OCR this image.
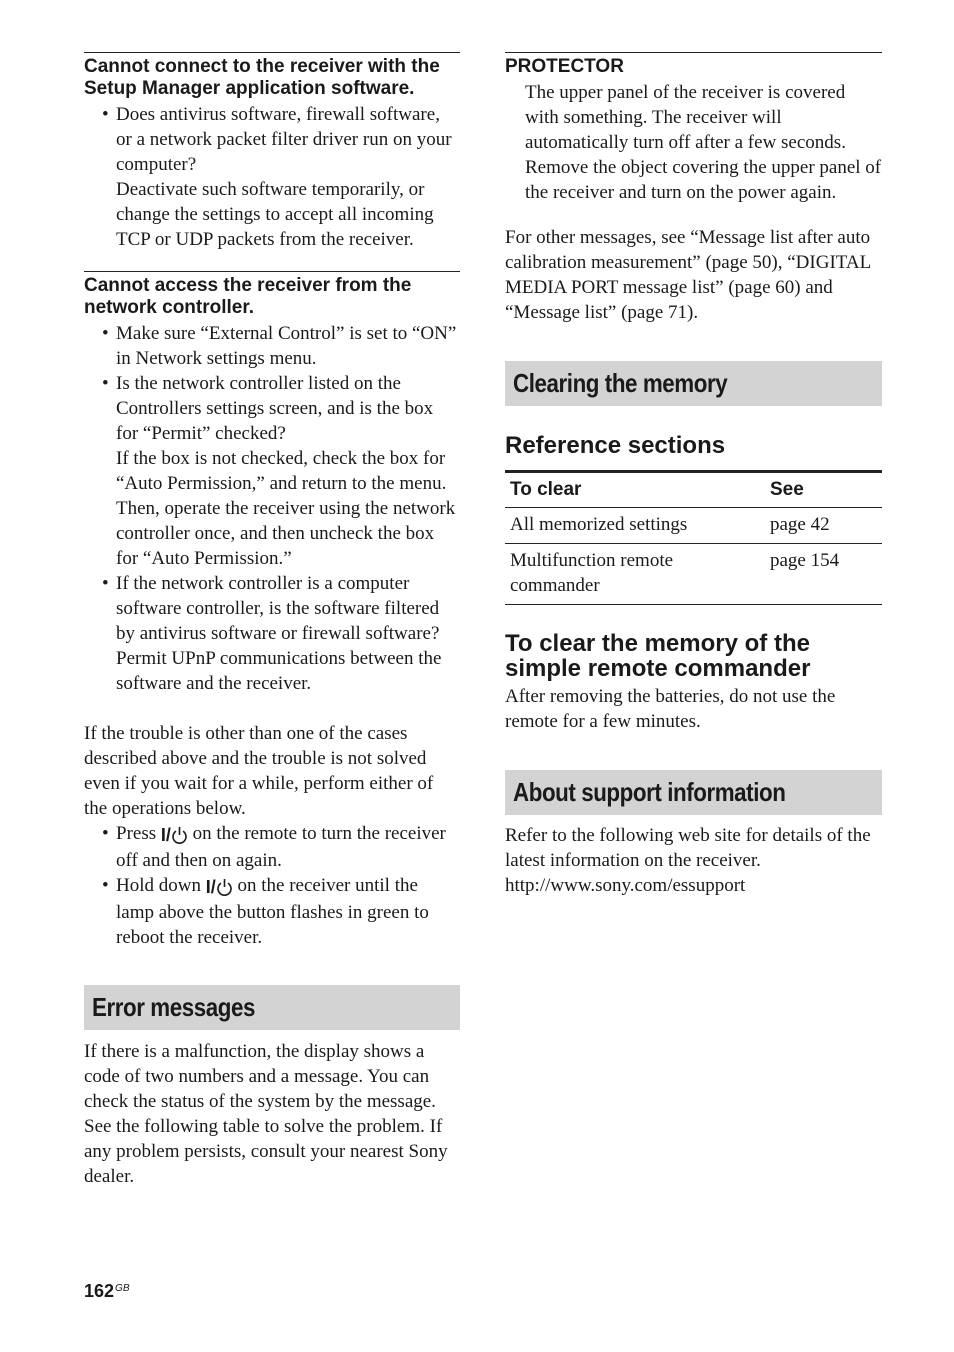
Cannot connect to the receiver with the Setup Manager application software.
• Does antivirus software, firewall software, or a network packet filter driver run on your computer?
Deactivate such software temporarily, or change the settings to accept all incoming TCP or UDP packets from the receiver.
Cannot access the receiver from the network controller.
• Make sure “External Control” is set to “ON” in Network settings menu.
• Is the network controller listed on the Controllers settings screen, and is the box for “Permit” checked?
If the box is not checked, check the box for “Auto Permission,” and return to the menu. Then, operate the receiver using the network controller once, and then uncheck the box for “Auto Permission.”
• If the network controller is a computer software controller, is the software filtered by antivirus software or firewall software?
Permit UPnP communications between the software and the receiver.

If the trouble is other than one of the cases described above and the trouble is not solved even if you wait for a while, perform either of the operations below.

• Press I/ on the remote to turn the receiver off and then on again.
• Hold down I/ on the receiver until the lamp above the button flashes in green to reboot the receiver.
Error messages

If there is a malfunction, the display shows a code of two numbers and a message. You can check the status of the system by the message. See the following table to solve the problem. If any problem persists, consult your nearest Sony dealer.

PROTECTOR

The upper panel of the receiver is covered with something. The receiver will automatically turn off after a few seconds. Remove the object covering the upper panel of the receiver and turn on the power again.

For other messages, see “Message list after auto calibration measurement” (page 50), “DIGITAL MEDIA PORT message list” (page 60) and “Message list” (page 71).

Clearing the memory
Reference sections
To clear	See
All memorized settings	page 42
Multifunction remote commander	page 154
To clear the memory of the simple remote commander

After removing the batteries, do not use the remote for a few minutes.

About support information

Refer to the following web site for details of the latest information on the receiver.

http://www.sony.com/essupport
$162^{GB}$
